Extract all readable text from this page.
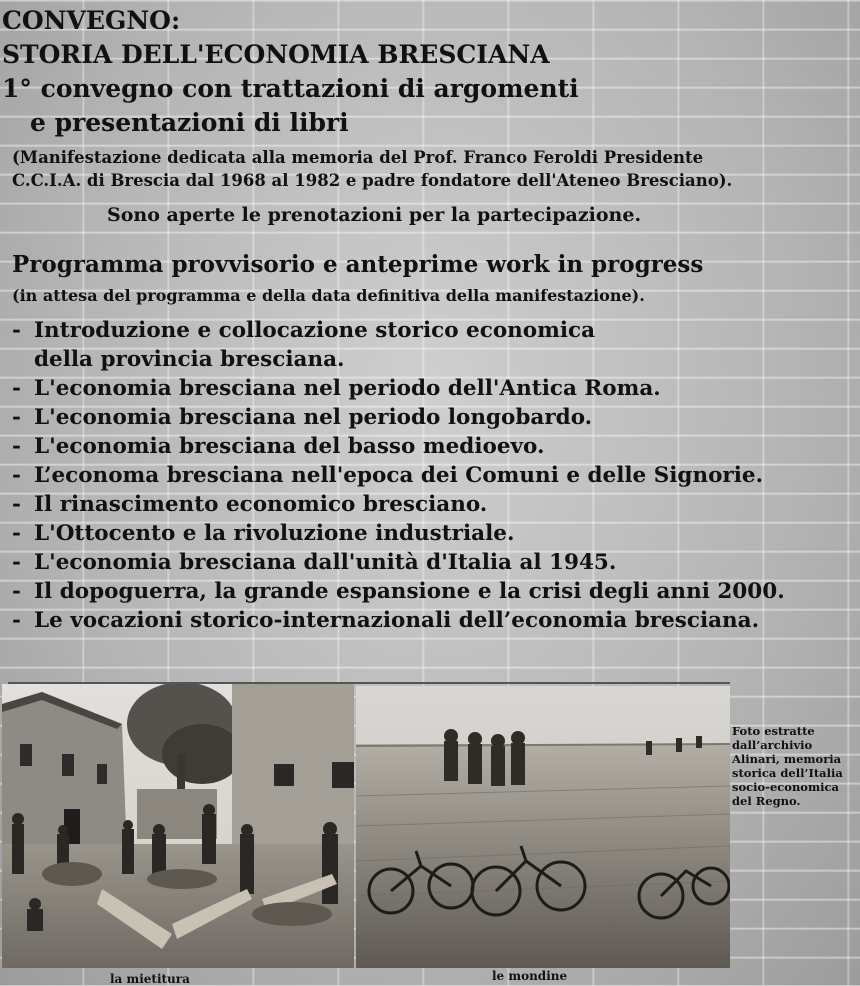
CONVEGNO:
STORIA DELL'ECONOMIA BRESCIANA
1° convegno con trattazioni di argomenti
e presentazioni di libri
(Manifestazione dedicata alla memoria del Prof. Franco Feroldi Presidente
C.C.I.A. di Brescia dal 1968 al 1982 e padre fondatore dell'Ateneo Bresciano).
Sono aperte le prenotazioni per la partecipazione.
Programma provvisorio e anteprime work in progress
(in attesa del programma e della data definitiva della manifestazione).
- Introduzione e collocazione storico economica
della provincia bresciana.
- L'economia bresciana nel periodo dell'Antica Roma.
- L'economia bresciana nel periodo longobardo.
- L'economia bresciana del basso medioevo.
- L’economa bresciana nell'epoca dei Comuni e delle Signorie.
- Il rinascimento economico bresciano.
- L'Ottocento e la rivoluzione industriale.
- L'economia bresciana dall'unità d'Italia al 1945.
- Il dopoguerra, la grande espansione e la crisi degli anni 2000.
- Le vocazioni storico-internazionali dell’economia bresciana.
la mietitura	le mondine
Foto estratte dall’archivio Alinari, memoria storica dell’Italia socio-economica del Regno.
